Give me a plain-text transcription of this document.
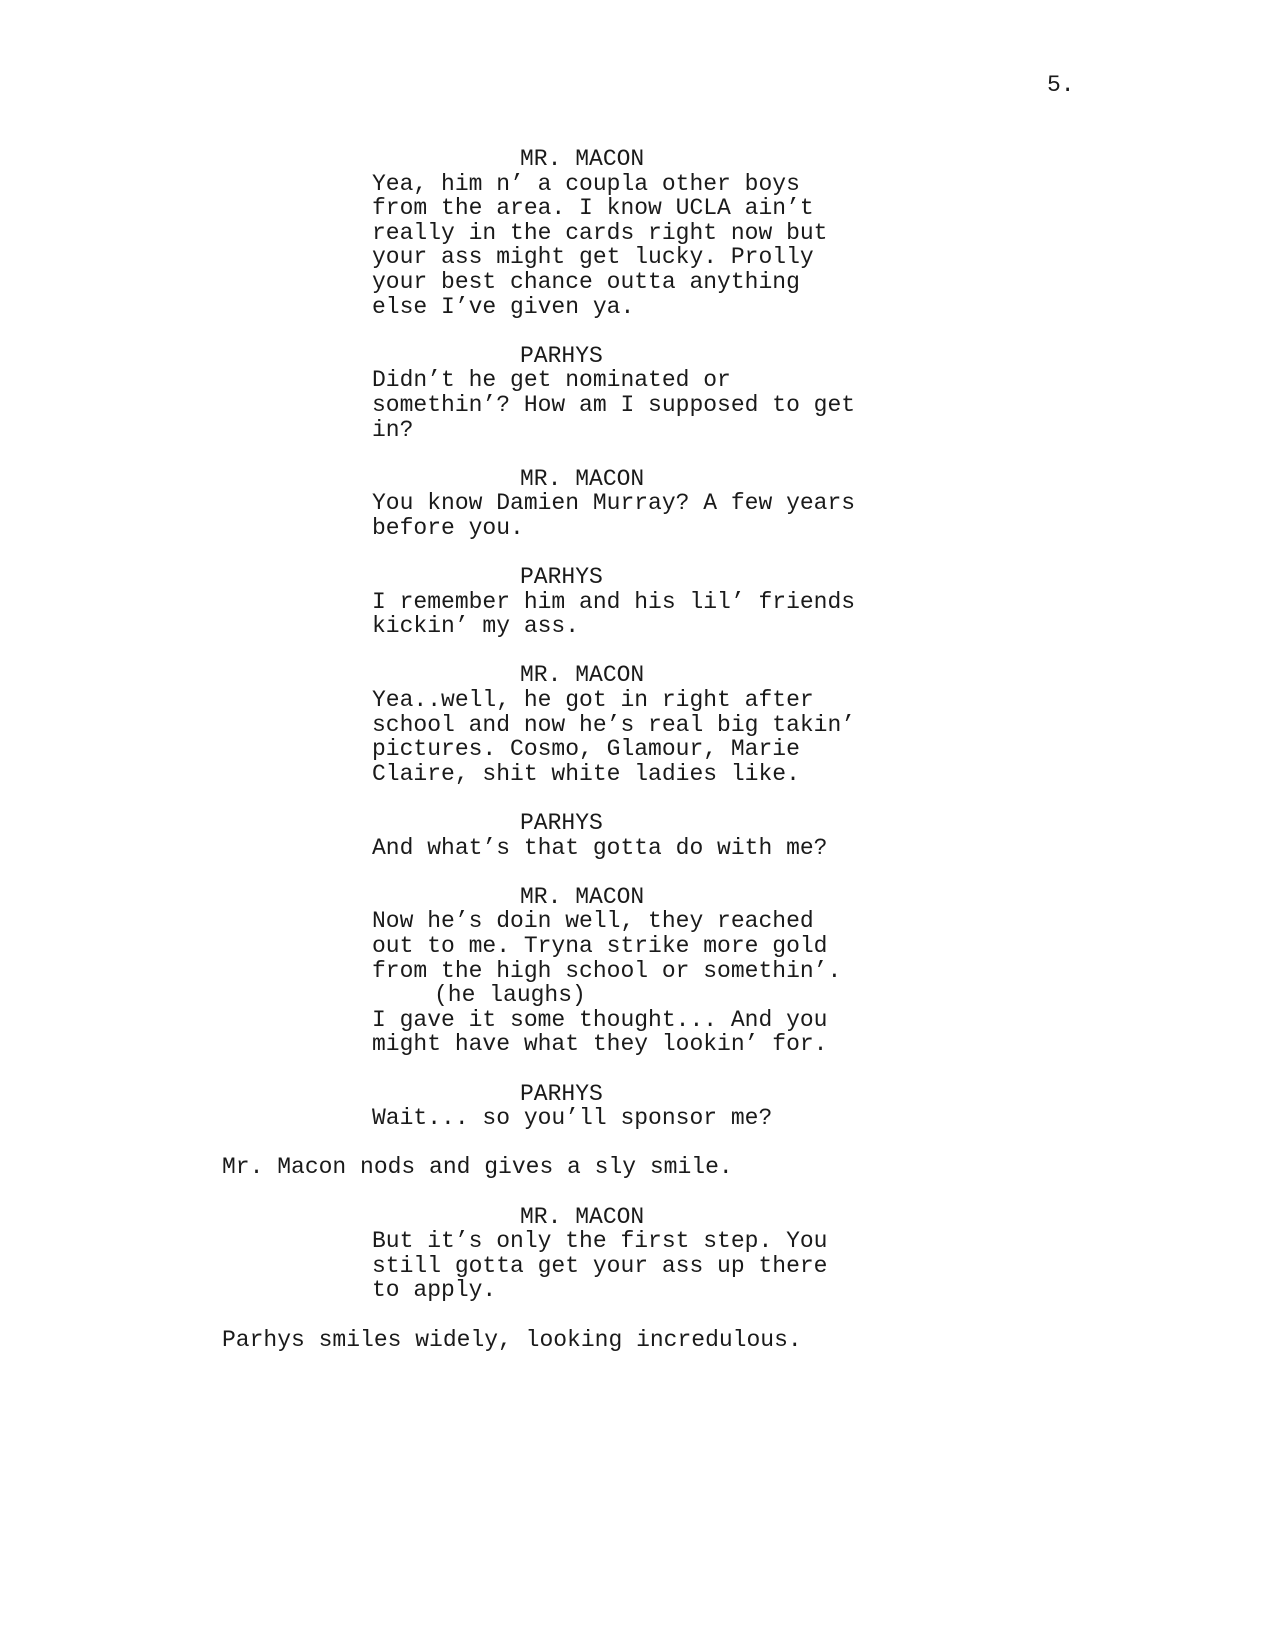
5.
MR. MACON
Yea, him n’ a coupla other boys
from the area. I know UCLA ain’t
really in the cards right now but
your ass might get lucky. Prolly
your best chance outta anything
else I’ve given ya.
PARHYS
Didn’t he get nominated or
somethin’? How am I supposed to get
in?
MR. MACON
You know Damien Murray? A few years
before you.
PARHYS
I remember him and his lil’ friends
kickin’ my ass.
MR. MACON
Yea..well, he got in right after
school and now he’s real big takin’
pictures. Cosmo, Glamour, Marie
Claire, shit white ladies like.
PARHYS
And what’s that gotta do with me?
MR. MACON
Now he’s doin well, they reached
out to me. Tryna strike more gold
from the high school or somethin’.
(he laughs)
I gave it some thought... And you
might have what they lookin’ for.
PARHYS
Wait... so you’ll sponsor me?
Mr. Macon nods and gives a sly smile.
MR. MACON
But it’s only the first step. You
still gotta get your ass up there
to apply.
Parhys smiles widely, looking incredulous.
